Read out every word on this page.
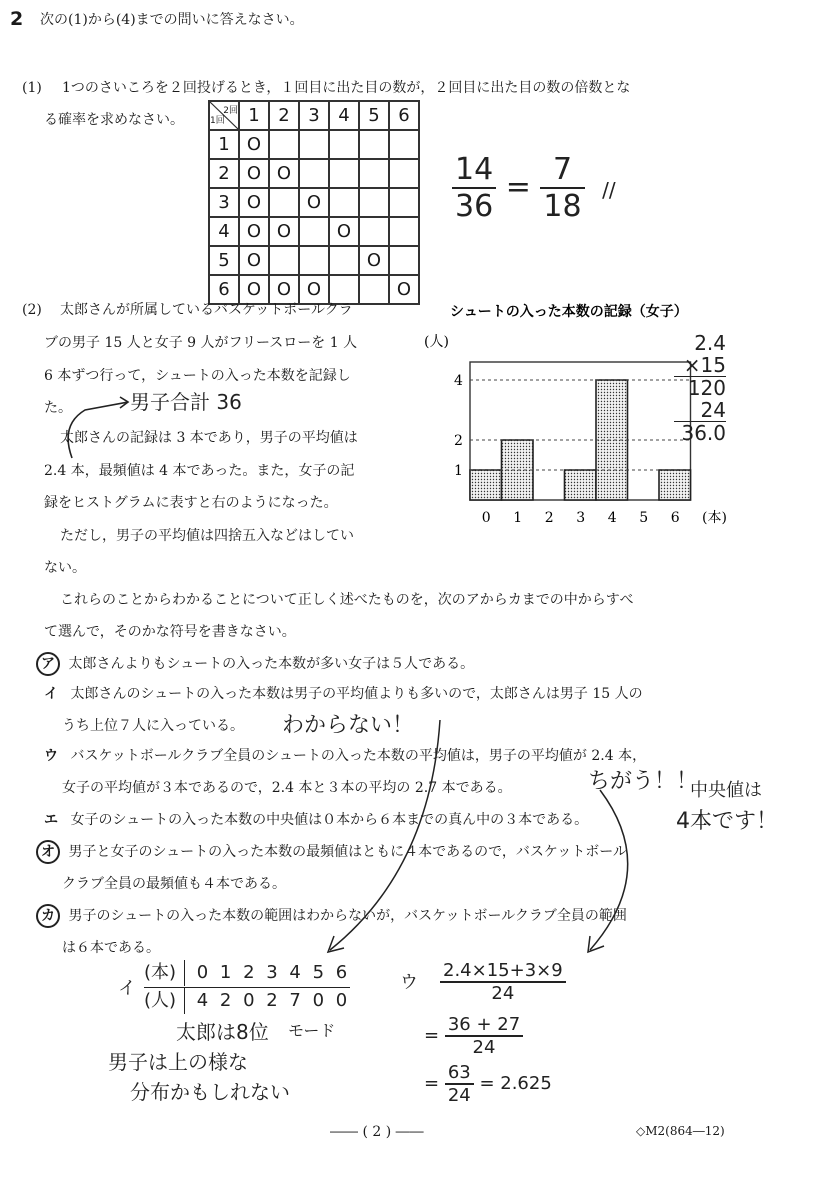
2 次の(1)から(4)までの問いに答えなさい。
(1) 1つのさいころを２回投げるとき，１回目に出た目の数が，２回目に出た目の数の倍数とな
る確率を求めなさい。
2回
1回	1	2	3	4	5	6
1	O					
2	O	O				
3	O		O			
4	O	O		O		
5	O				O	
6	O	O	O			O
$\frac{14}{36} = \frac{7}{18}$ //
(2) 太郎さんが所属しているバスケットボールクラ
ブの男子 15 人と女子 9 人がフリースローを 1 人
6 本ずつ行って，シュートの入った本数を記録し
た。	男子合計 36
太郎さんの記録は 3 本であり，男子の平均値は
2.4 本，最頻値は 4 本であった。また，女子の記
録をヒストグラムに表すと右のようになった。
ただし，男子の平均値は四捨五入などはしてい
ない。
シュートの入った本数の記録（女子）
(人)
(本)
1
2
4
0 1 2 3 4 5 6
2.4
×15
120
24
36.0
これらのことからわかることについて正しく述べたものを，次のアからカまでの中からすべ
て選んで，そのかな符号を書きなさい。
ア 太郎さんよりもシュートの入った本数が多い女子は５人である。
イ 太郎さんのシュートの入った本数は男子の平均値よりも多いので，太郎さんは男子 15 人の
うち上位７人に入っている。 わからない！
ウ バスケットボールクラブ全員のシュートの入った本数の平均値は，男子の平均値が 2.4 本，
女子の平均値が３本であるので，2.4 本と３本の平均の 2.7 本である。	ちがう！！
中央値は
4本です！
エ 女子のシュートの入った本数の中央値は０本から６本までの真ん中の３本である。
オ 男子と女子のシュートの入った本数の最頻値はともに４本であるので，バスケットボール
クラブ全員の最頻値も４本である。
カ 男子のシュートの入った本数の範囲はわからないが，バスケットボールクラブ全員の範囲
は６本である。
イ
(本) 0 1 2 3 4 5 6
(人) 4 2 0 2 7 0 0
太郎は8位 モード
男子は上の様な
分布かもしれない
ウ $\frac{2.4\times 15+3\times 9}{24}$
= $\frac{36 + 27}{24}$
= $\frac{63}{24} = 2.625$
―― ( 2 ) ――	◇M2(864―12)
